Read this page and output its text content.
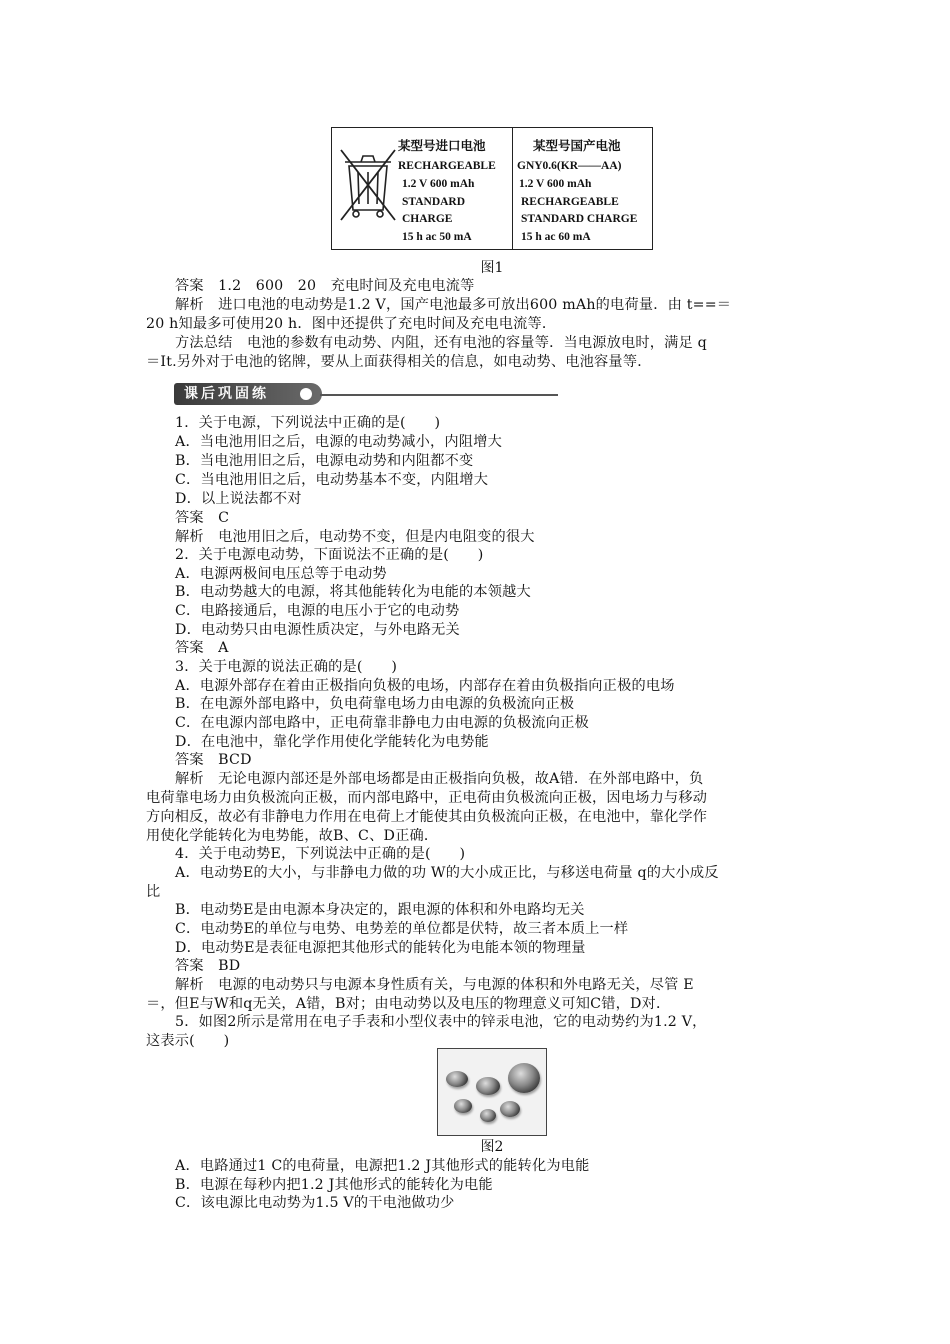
某型号进口电池
RECHARGEABLE
1.2 V 600 mAh
STANDARD
CHARGE
15 h ac 50 mA
某型号国产电池
GNY0.6(KR——AA)
1.2 V 600 mAh
RECHARGEABLE
STANDARD CHARGE
15 h ac 60 mA
图1
答案　1.2　600　20　充电时间及充电电流等
解析　进口电池的电动势是1.2 V，国产电池最多可放出600 mAh的电荷量．由 t==＝
20 h知最多可使用20 h．图中还提供了充电时间及充电电流等．
方法总结　电池的参数有电动势、内阻，还有电池的容量等．当电源放电时，满足 q
＝It.另外对于电池的铭牌，要从上面获得相关的信息，如电动势、电池容量等．
课后巩固练
1．关于电源，下列说法中正确的是(　　)
A．当电池用旧之后，电源的电动势减小，内阻增大
B．当电池用旧之后，电源电动势和内阻都不变
C．当电池用旧之后，电动势基本不变，内阻增大
D．以上说法都不对
答案　C
解析　电池用旧之后，电动势不变，但是内电阻变的很大
2．关于电源电动势，下面说法不正确的是(　　)
A．电源两极间电压总等于电动势
B．电动势越大的电源，将其他能转化为电能的本领越大
C．电路接通后，电源的电压小于它的电动势
D．电动势只由电源性质决定，与外电路无关
答案　A
3．关于电源的说法正确的是(　　)
A．电源外部存在着由正极指向负极的电场，内部存在着由负极指向正极的电场
B．在电源外部电路中，负电荷靠电场力由电源的负极流向正极
C．在电源内部电路中，正电荷靠非静电力由电源的负极流向正极
D．在电池中，靠化学作用使化学能转化为电势能
答案　BCD
解析　无论电源内部还是外部电场都是由正极指向负极，故A错．在外部电路中，负
电荷靠电场力由负极流向正极，而内部电路中，正电荷由负极流向正极，因电场力与移动
方向相反，故必有非静电力作用在电荷上才能使其由负极流向正极，在电池中，靠化学作
用使化学能转化为电势能，故B、C、D正确．
4．关于电动势E，下列说法中正确的是(　　)
A．电动势E的大小，与非静电力做的功 W的大小成正比，与移送电荷量 q的大小成反
比
B．电动势E是由电源本身决定的，跟电源的体积和外电路均无关
C．电动势E的单位与电势、电势差的单位都是伏特，故三者本质上一样
D．电动势E是表征电源把其他形式的能转化为电能本领的物理量
答案　BD
解析　电源的电动势只与电源本身性质有关，与电源的体积和外电路无关，尽管 E
＝，但E与W和q无关，A错，B对；由电动势以及电压的物理意义可知C错，D对．
5．如图2所示是常用在电子手表和小型仪表中的锌汞电池，它的电动势约为1.2 V，
这表示(　　)
图2
A．电路通过1 C的电荷量，电源把1.2 J其他形式的能转化为电能
B．电源在每秒内把1.2 J其他形式的能转化为电能
C．该电源比电动势为1.5 V的干电池做功少
